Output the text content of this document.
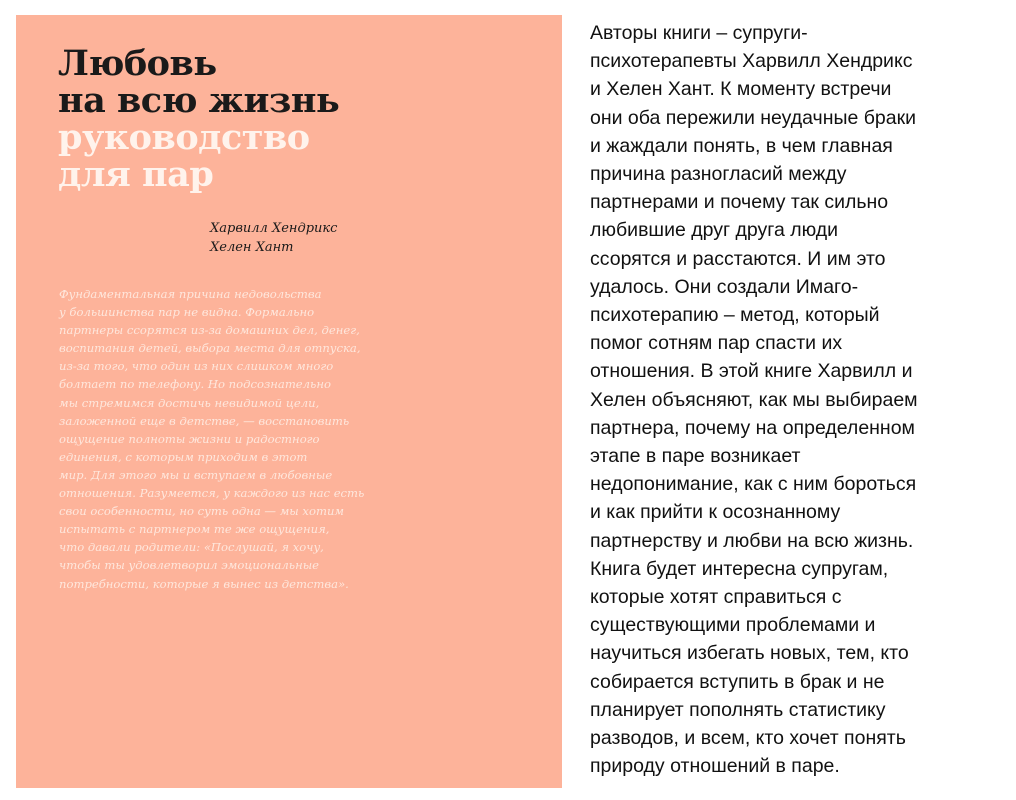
Любовь
на всю жизнь
руководство
для пар
Харвилл Хендрикс
Хелен Хант
Фундаментальная причина недовольства
у большинства пар не видна. Формально
партнеры ссорятся из-за домашних дел, денег,
воспитания детей, выбора места для отпуска,
из-за того, что один из них слишком много
болтает по телефону. Но подсознательно
мы стремимся достичь невидимой цели,
заложенной еще в детстве, — восстановить
ощущение полноты жизни и радостного
единения, с которым приходим в этот
мир. Для этого мы и вступаем в любовные
отношения. Разумеется, у каждого из нас есть
свои особенности, но суть одна — мы хотим
испытать с партнером те же ощущения,
что давали родители: «Послушай, я хочу,
чтобы ты удовлетворил эмоциональные
потребности, которые я вынес из детства».
Авторы книги – супруги-
психотерапевты Харвилл Хендрикс
и Хелен Хант. К моменту встречи
они оба пережили неудачные браки
и жаждали понять, в чем главная
причина разногласий между
партнерами и почему так сильно
любившие друг друга люди
ссорятся и расстаются. И им это
удалось. Они создали Имаго-
психотерапию – метод, который
помог сотням пар спасти их
отношения. В этой книге Харвилл и
Хелен объясняют, как мы выбираем
партнера, почему на определенном
этапе в паре возникает
недопонимание, как с ним бороться
и как прийти к осознанному
партнерству и любви на всю жизнь.
Книга будет интересна супругам,
которые хотят справиться с
существующими проблемами и
научиться избегать новых, тем, кто
собирается вступить в брак и не
планирует пополнять статистику
разводов, и всем, кто хочет понять
природу отношений в паре.
